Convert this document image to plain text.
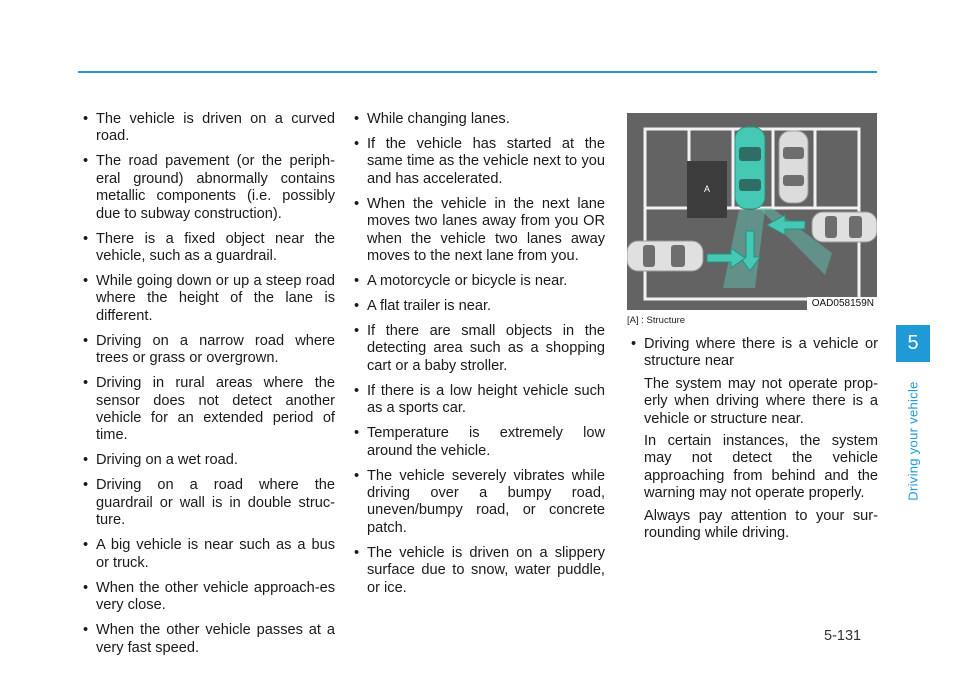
• The vehicle is driven on a curved road.
• The road pavement (or the periph-eral ground) abnormally contains metallic components (i.e. possibly due to subway construction).
• There is a fixed object near the vehicle, such as a guardrail.
• While going down or up a steep road where the height of the lane is different.
• Driving on a narrow road where trees or grass or overgrown.
• Driving in rural areas where the sensor does not detect another vehicle for an extended period of time.
• Driving on a wet road.
• Driving on a road where the guardrail or wall is in double struc-ture.
• A big vehicle is near such as a bus or truck.
• When the other vehicle approach-es very close.
• When the other vehicle passes at a very fast speed.
• While changing lanes.
• If the vehicle has started at the same time as the vehicle next to you and has accelerated.
• When the vehicle in the next lane moves two lanes away from you OR when the vehicle two lanes away moves to the next lane from you.
• A motorcycle or bicycle is near.
• A flat trailer is near.
• If there are small objects in the detecting area such as a shopping cart or a baby stroller.
• If there is a low height vehicle such as a sports car.
• Temperature is extremely low around the vehicle.
• The vehicle severely vibrates while driving over a bumpy road, uneven/bumpy road, or concrete patch.
• The vehicle is driven on a slippery surface due to snow, water puddle, or ice.
A
OAD058159N
[A] : Structure

• Driving where there is a vehicle or structure near

The system may not operate prop-erly when driving where there is a vehicle or structure near.

In certain instances, the system may not detect the vehicle approaching from behind and the warning may not operate properly.

Always pay attention to your sur-rounding while driving.

5
Driving your vehicle
5-131
